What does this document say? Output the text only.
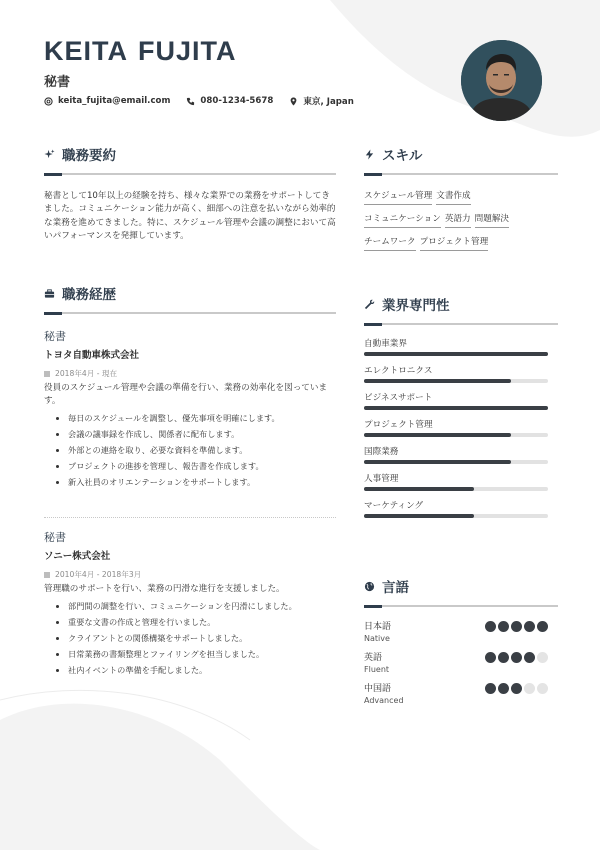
KEITA FUJITA
秘書
keita_fujita@email.com	080-1234-5678	東京, Japan
職務要約
秘書として10年以上の経験を持ち、様々な業界での業務をサポートしてきました。コミュニケーション能力が高く、細部への注意を払いながら効率的な業務を進めてきました。特に、スケジュール管理や会議の調整において高いパフォーマンスを発揮しています。
職務経歴
秘書
トヨタ自動車株式会社
2018年4月 - 現在
役員のスケジュール管理や会議の準備を行い、業務の効率化を図っています。
毎日のスケジュールを調整し、優先事項を明確にします。
会議の議事録を作成し、関係者に配布します。
外部との連絡を取り、必要な資料を準備します。
プロジェクトの進捗を管理し、報告書を作成します。
新入社員のオリエンテーションをサポートします。
秘書
ソニー株式会社
2010年4月 - 2018年3月
管理職のサポートを行い、業務の円滑な進行を支援しました。
部門間の調整を行い、コミュニケーションを円滑にしました。
重要な文書の作成と管理を行いました。
クライアントとの関係構築をサポートしました。
日常業務の書類整理とファイリングを担当しました。
社内イベントの準備を手配しました。
スキル
スケジュール管理 文書作成
コミュニケーション 英語力 問題解決
チームワーク プロジェクト管理
業界専門性
自動車業界
エレクトロニクス
ビジネスサポート
プロジェクト管理
国際業務
人事管理
マーケティング
言語
日本語
Native
英語
Fluent
中国語
Advanced
